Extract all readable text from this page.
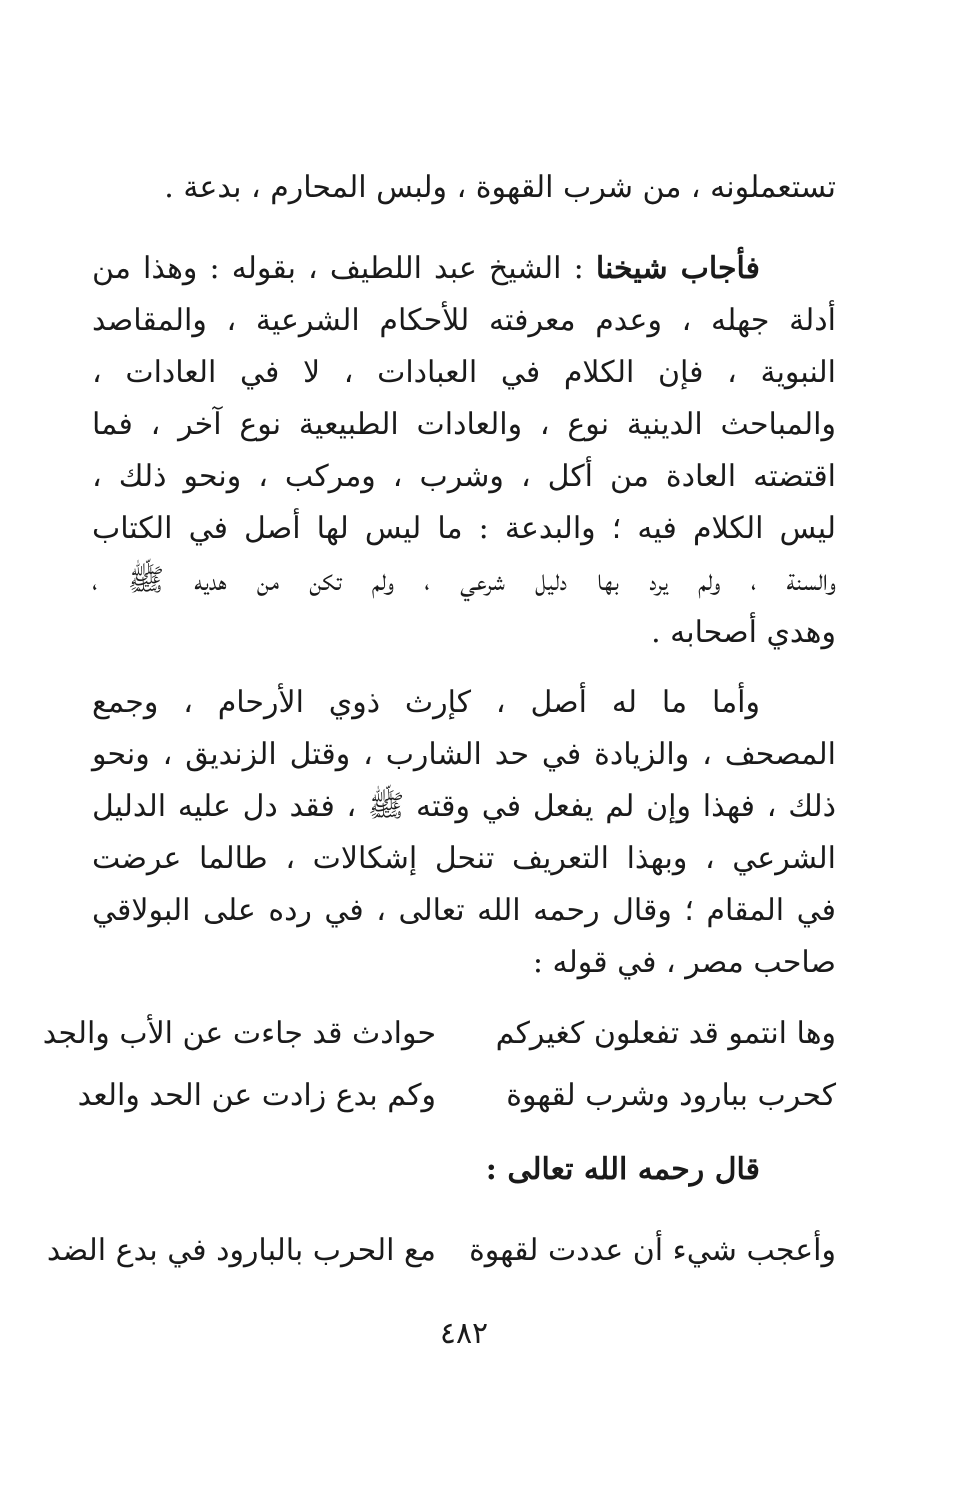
تستعملونه ، من شرب القهوة ، ولبس المحارم ، بدعة .
فأجاب شيخنا : الشيخ عبد اللطيف ، بقوله : وهذا من
أدلة جهله ، وعدم معرفته للأحكام الشرعية ، والمقاصد
النبوية ، فإن الكلام في العبادات ، لا في العادات ،
والمباحث الدينية نوع ، والعادات الطبيعية نوع آخر ، فما
اقتضته العادة من أكل ، وشرب ، ومركب ، ونحو ذلك ،
ليس الكلام فيه ؛ والبدعة : ما ليس لها أصل في الكتاب
والسنة ، ولم يرد بها دليل شرعي ، ولم تكن من هديه ﷺ ،
وهدي أصحابه .
وأما ما له أصل ، كإرث ذوي الأرحام ، وجمع
المصحف ، والزيادة في حد الشارب ، وقتل الزنديق ، ونحو
ذلك ، فهذا وإن لم يفعل في وقته ﷺ ، فقد دل عليه الدليل
الشرعي ، وبهذا التعريف تنحل إشكالات ، طالما عرضت
في المقام ؛ وقال رحمه الله تعالى ، في رده على البولاقي
صاحب مصر ، في قوله :
وها انتمو قد تفعلون كغيركم
حوادث قد جاءت عن الأب والجد
كحرب ببارود وشرب لقهوة
وكم بدع زادت عن الحد والعد
قال رحمه الله تعالى :
وأعجب شيء أن عددت لقهوة
مع الحرب بالبارود في بدع الضد
٤٨٢
